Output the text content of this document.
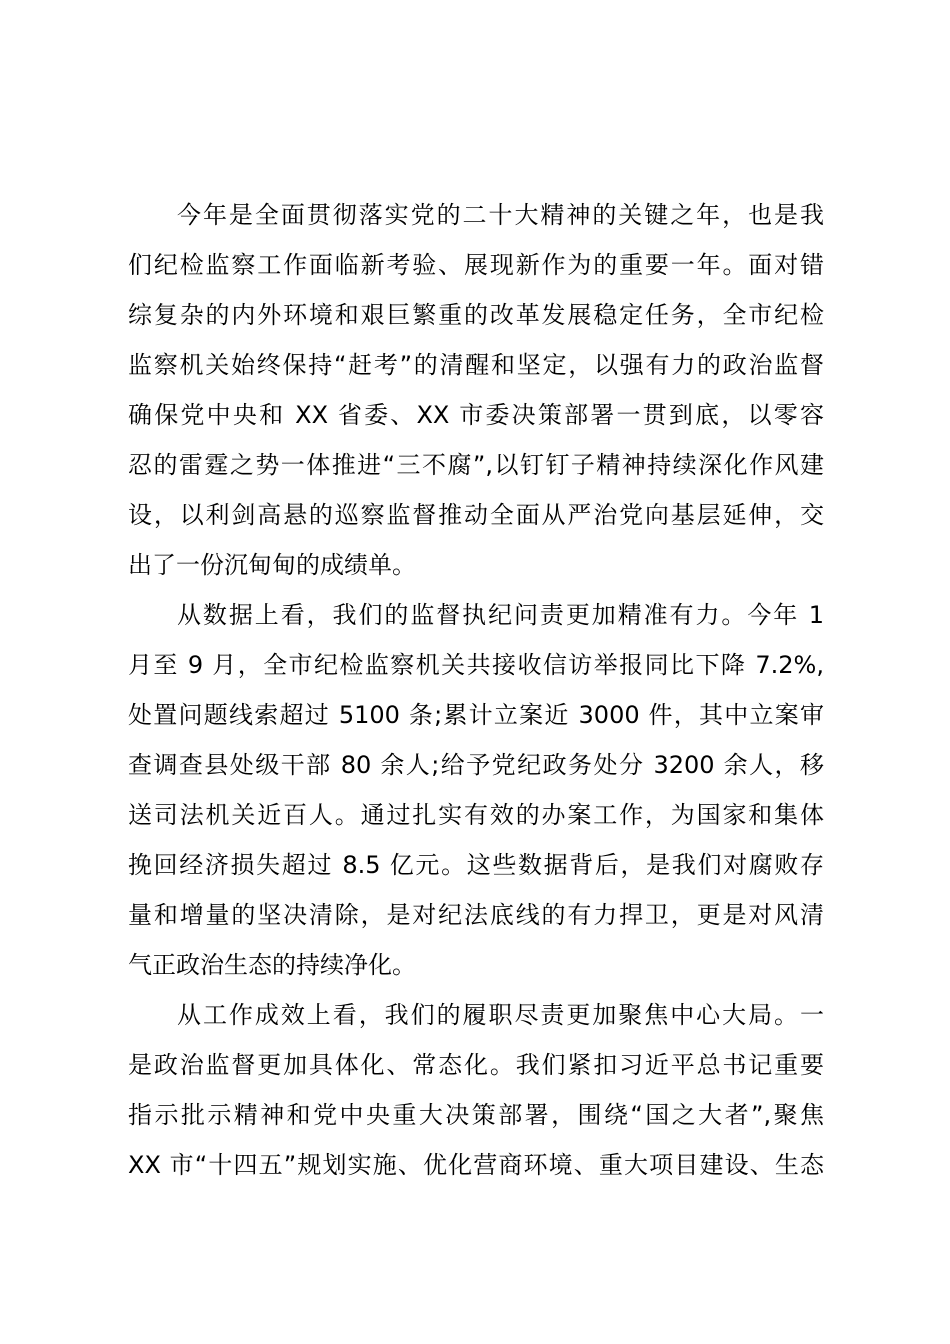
今年是全面贯彻落实党的二十大精神的关键之年，也是我
们纪检监察工作面临新考验、展现新作为的重要一年。面对错
综复杂的内外环境和艰巨繁重的改革发展稳定任务，全市纪检
监察机关始终保持“赶考”的清醒和坚定，以强有力的政治监督
确保党中央和 XX 省委、XX 市委决策部署一贯到底，以零容
忍的雷霆之势一体推进“三不腐”,以钉钉子精神持续深化作风建
设，以利剑高悬的巡察监督推动全面从严治党向基层延伸，交
出了一份沉甸甸的成绩单。
从数据上看，我们的监督执纪问责更加精准有力。今年 1
月至 9 月，全市纪检监察机关共接收信访举报同比下降 7.2%,
处置问题线索超过 5100 条;累计立案近 3000 件，其中立案审
查调查县处级干部 80 余人;给予党纪政务处分 3200 余人，移
送司法机关近百人。通过扎实有效的办案工作，为国家和集体
挽回经济损失超过 8.5 亿元。这些数据背后，是我们对腐败存
量和增量的坚决清除，是对纪法底线的有力捍卫，更是对风清
气正政治生态的持续净化。
从工作成效上看，我们的履职尽责更加聚焦中心大局。一
是政治监督更加具体化、常态化。我们紧扣习近平总书记重要
指示批示精神和党中央重大决策部署，围绕“国之大者”,聚焦
XX 市“十四五”规划实施、优化营商环境、重大项目建设、生态
